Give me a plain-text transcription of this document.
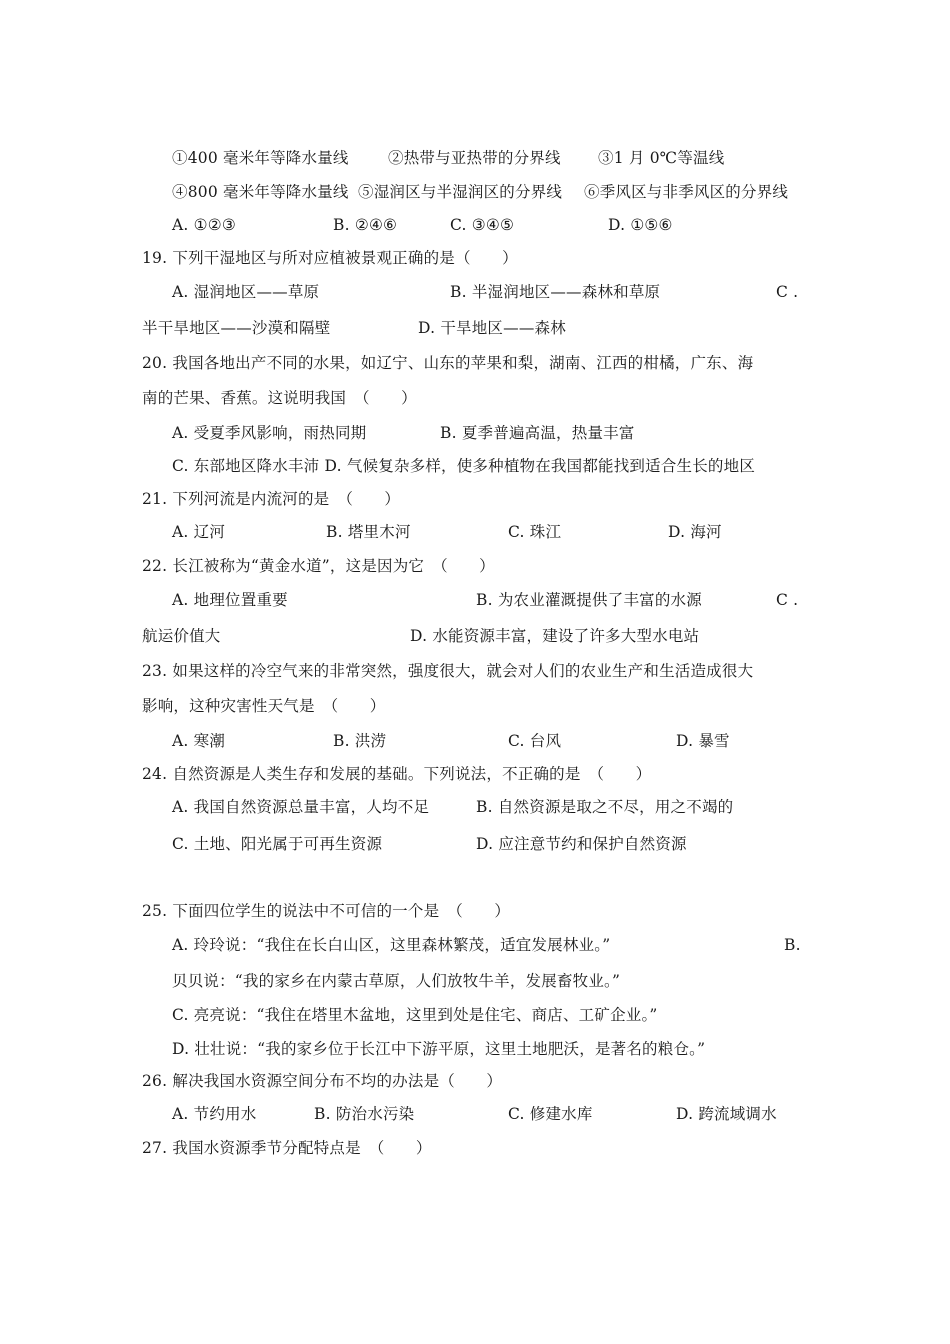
①400 毫米年等降水量线	②热带与亚热带的分界线 ③1 月 0℃等温线
④800 毫米年等降水量线 ⑤湿润区与半湿润区的分界线 ⑥季风区与非季风区的分界线
A. ①②③	B. ②④⑥	C. ③④⑤	D. ①⑤⑥
19. 下列干湿地区与所对应植被景观正确的是（　　）
A. 湿润地区——草原	B. 半湿润地区——森林和草原	C .
半干旱地区——沙漠和隔壁	D. 干旱地区——森林
20. 我国各地出产不同的水果，如辽宁、山东的苹果和梨，湖南、江西的柑橘，广东、海
南的芒果、香蕉。这说明我国　（　　）
A. 受夏季风影响，雨热同期	B. 夏季普遍高温，热量丰富
C. 东部地区降水丰沛 D. 气候复杂多样，使多种植物在我国都能找到适合生长的地区
21. 下列河流是内流河的是　（　　）
A. 辽河	B. 塔里木河	C. 珠江	D. 海河
22. 长江被称为“黄金水道”，这是因为它　（　　）
A. 地理位置重要	B. 为农业灌溉提供了丰富的水源	C .
航运价值大	D. 水能资源丰富，建设了许多大型水电站
23. 如果这样的冷空气来的非常突然，强度很大，就会对人们的农业生产和生活造成很大
影响，这种灾害性天气是　（　　）
A. 寒潮	B. 洪涝	C. 台风	D. 暴雪
24. 自然资源是人类生存和发展的基础。下列说法，不正确的是　（　　）
A. 我国自然资源总量丰富，人均不足	B. 自然资源是取之不尽，用之不竭的
C. 土地、阳光属于可再生资源	D. 应注意节约和保护自然资源
25. 下面四位学生的说法中不可信的一个是　（　　）
A. 玲玲说：“我住在长白山区，这里森林繁茂，适宜发展林业。”	B.
贝贝说：“我的家乡在内蒙古草原，人们放牧牛羊，发展畜牧业。”
C. 亮亮说：“我住在塔里木盆地，这里到处是住宅、商店、工矿企业。”
D. 壮壮说：“我的家乡位于长江中下游平原，这里土地肥沃，是著名的粮仓。”
26. 解决我国水资源空间分布不均的办法是（　　）
A. 节约用水	B. 防治水污染	C. 修建水库	D. 跨流域调水
27. 我国水资源季节分配特点是　（　　）
